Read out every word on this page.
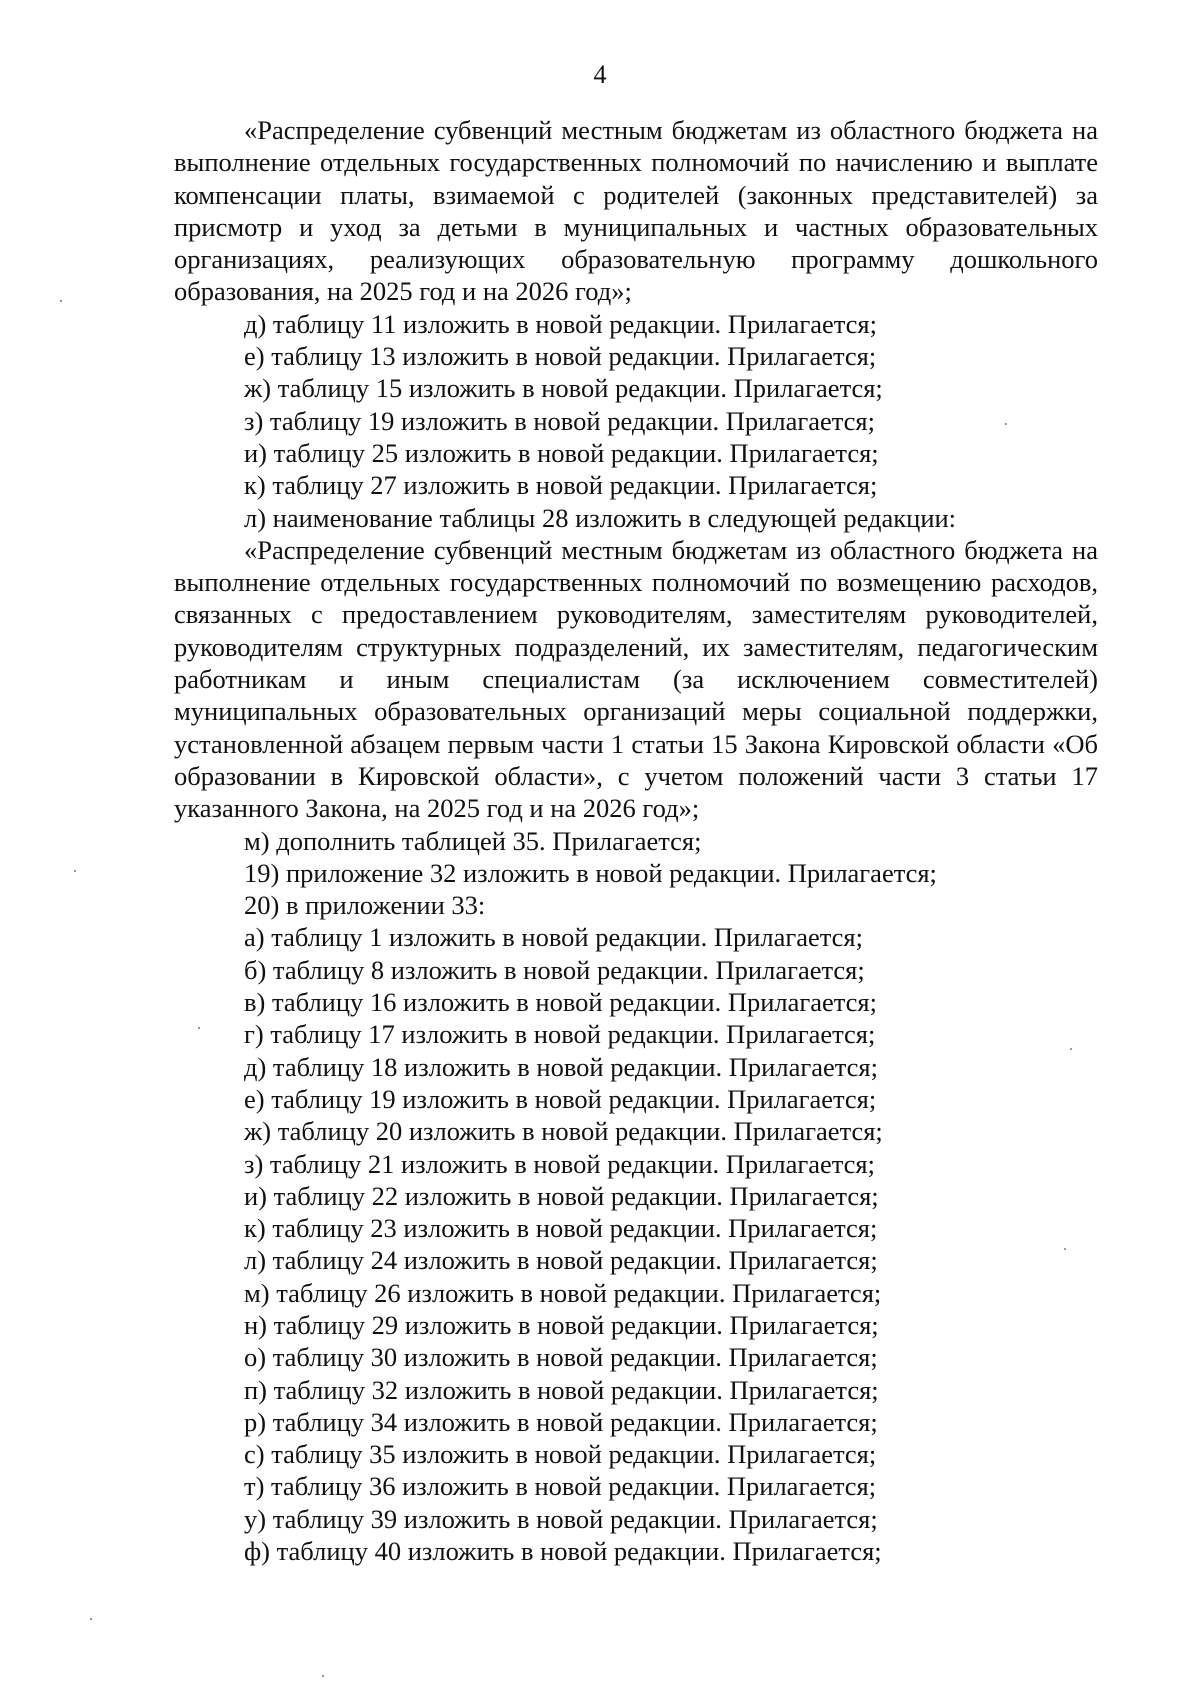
4

«Распределение субвенций местным бюджетам из областного бюджета на выполнение отдельных государственных полномочий по начислению и выплате компенсации платы, взимаемой с родителей (законных представителей) за присмотр и уход за детьми в муниципальных и частных образовательных организациях, реализующих образовательную программу дошкольного образования, на 2025 год и на 2026 год»;

д) таблицу 11 изложить в новой редакции. Прилагается;
е) таблицу 13 изложить в новой редакции. Прилагается;
ж) таблицу 15 изложить в новой редакции. Прилагается;
з) таблицу 19 изложить в новой редакции. Прилагается;
и) таблицу 25 изложить в новой редакции. Прилагается;
к) таблицу 27 изложить в новой редакции. Прилагается;
л) наименование таблицы 28 изложить в следующей редакции:

«Распределение субвенций местным бюджетам из областного бюджета на выполнение отдельных государственных полномочий по возмещению расходов, связанных с предоставлением руководителям, заместителям руководителей, руководителям структурных подразделений, их заместителям, педагогическим работникам и иным специалистам (за исключением совместителей) муниципальных образовательных организаций меры социальной поддержки, установленной абзацем первым части 1 статьи 15 Закона Кировской области «Об образовании в Кировской области», с учетом положений части 3 статьи 17 указанного Закона, на 2025 год и на 2026 год»;

м) дополнить таблицей 35. Прилагается;
19) приложение 32 изложить в новой редакции. Прилагается;
20) в приложении 33:
а) таблицу 1 изложить в новой редакции. Прилагается;
б) таблицу 8 изложить в новой редакции. Прилагается;
в) таблицу 16 изложить в новой редакции. Прилагается;
г) таблицу 17 изложить в новой редакции. Прилагается;
д) таблицу 18 изложить в новой редакции. Прилагается;
е) таблицу 19 изложить в новой редакции. Прилагается;
ж) таблицу 20 изложить в новой редакции. Прилагается;
з) таблицу 21 изложить в новой редакции. Прилагается;
и) таблицу 22 изложить в новой редакции. Прилагается;
к) таблицу 23 изложить в новой редакции. Прилагается;
л) таблицу 24 изложить в новой редакции. Прилагается;
м) таблицу 26 изложить в новой редакции. Прилагается;
н) таблицу 29 изложить в новой редакции. Прилагается;
о) таблицу 30 изложить в новой редакции. Прилагается;
п) таблицу 32 изложить в новой редакции. Прилагается;
р) таблицу 34 изложить в новой редакции. Прилагается;
с) таблицу 35 изложить в новой редакции. Прилагается;
т) таблицу 36 изложить в новой редакции. Прилагается;
у) таблицу 39 изложить в новой редакции. Прилагается;
ф) таблицу 40 изложить в новой редакции. Прилагается;
